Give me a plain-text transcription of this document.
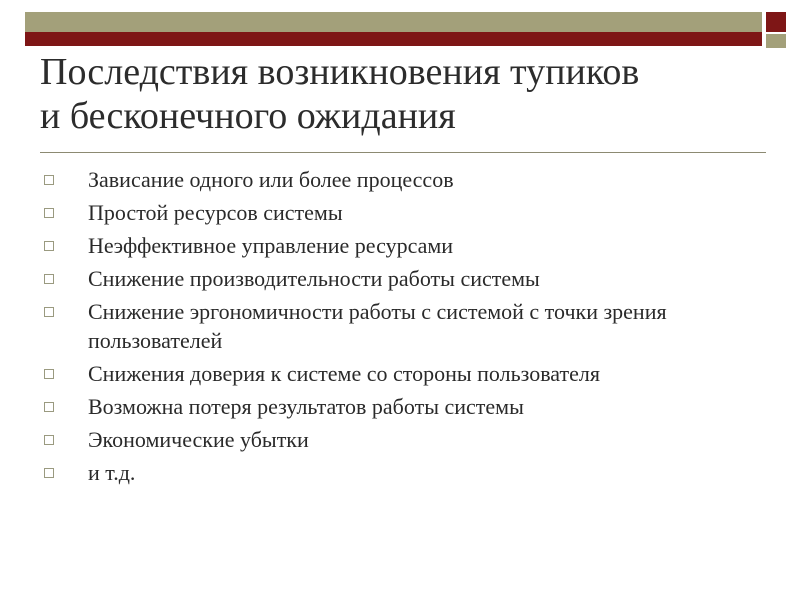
Последствия возникновения тупиков
и бесконечного ожидания
Зависание одного или более процессов
Простой ресурсов системы
Неэффективное управление ресурсами
Снижение производительности работы системы
Снижение эргономичности работы с системой с точки зрения пользователей
Снижения доверия к системе со стороны пользователя
Возможна потеря результатов работы системы
Экономические убытки
и т.д.
